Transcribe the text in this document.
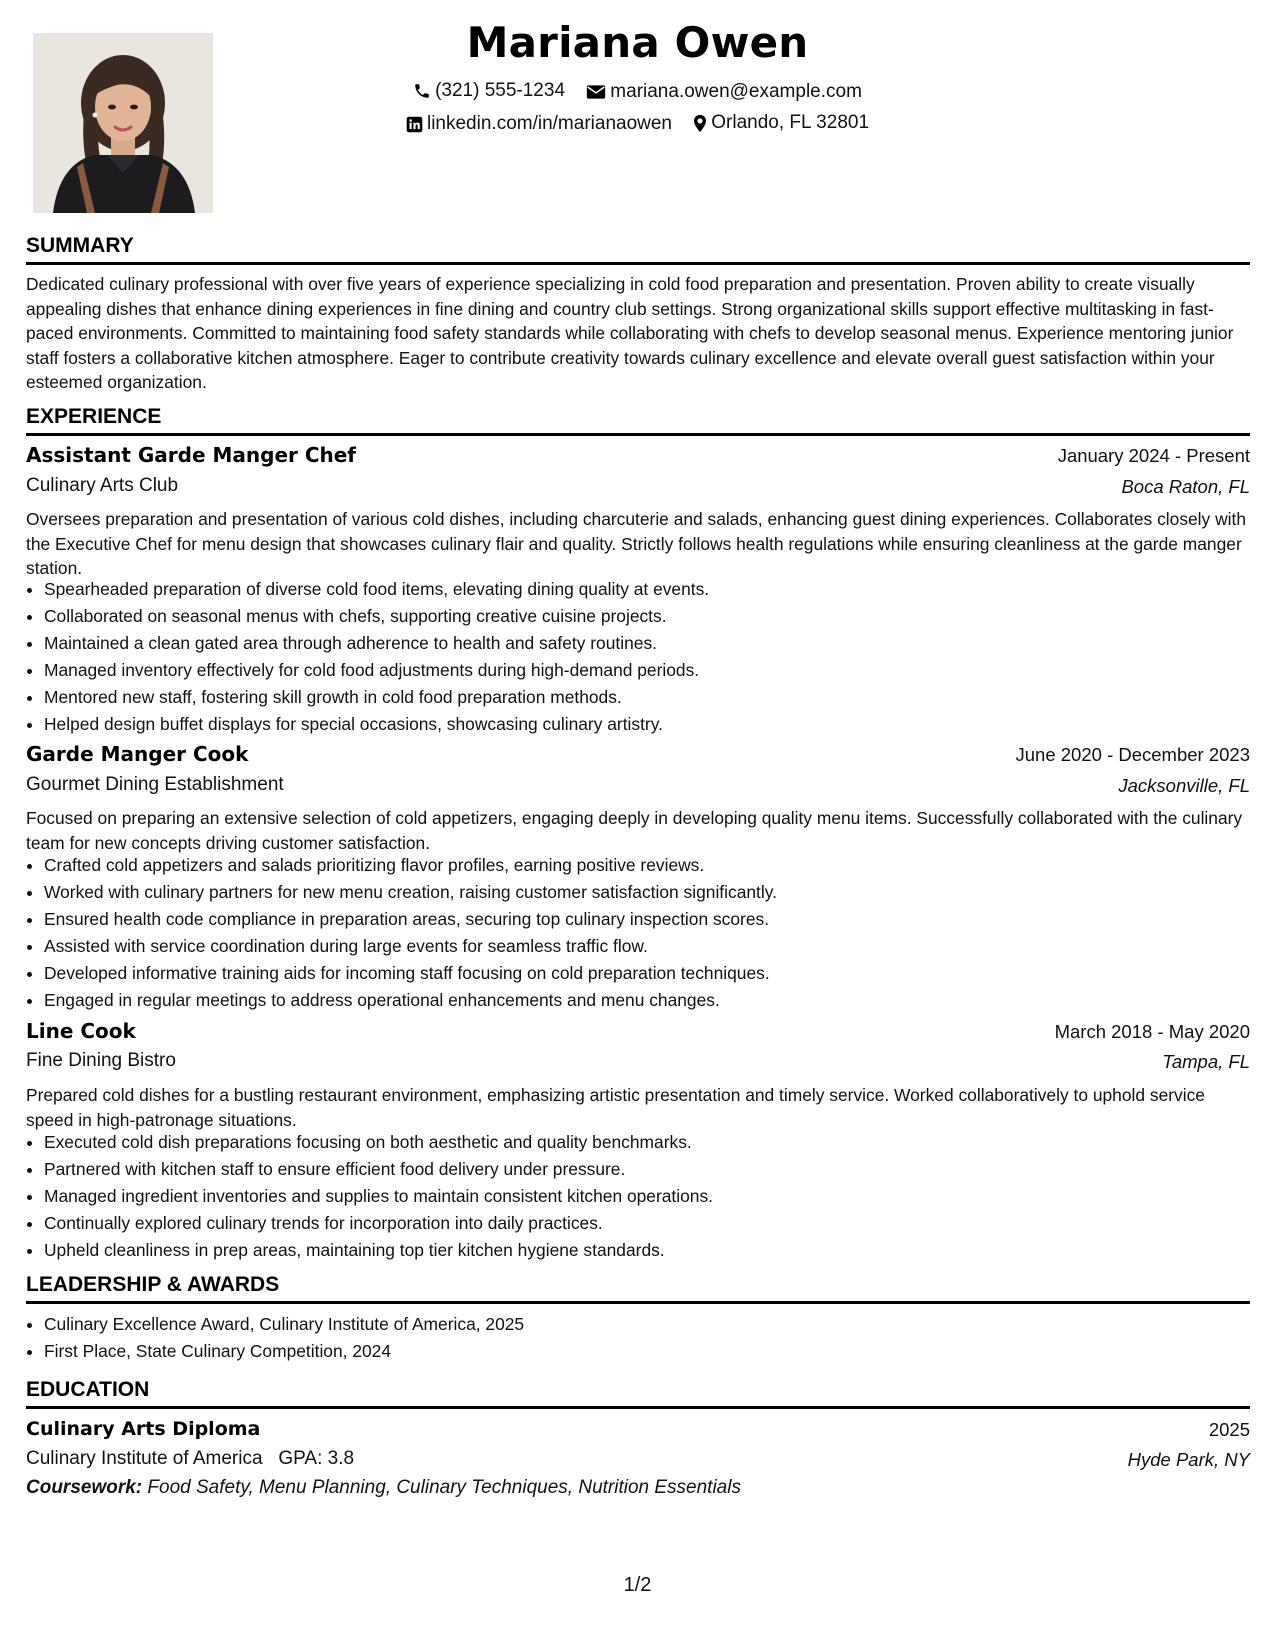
Mariana Owen
(321) 555-1234
mariana.owen@example.com
linkedin.com/in/marianaowen
Orlando, FL 32801
SUMMARY
Dedicated culinary professional with over five years of experience specializing in cold food preparation and presentation. Proven ability to create visually appealing dishes that enhance dining experiences in fine dining and country club settings. Strong organizational skills support effective multitasking in fast-paced environments. Committed to maintaining food safety standards while collaborating with chefs to develop seasonal menus. Experience mentoring junior staff fosters a collaborative kitchen atmosphere. Eager to contribute creativity towards culinary excellence and elevate overall guest satisfaction within your esteemed organization.
EXPERIENCE
Assistant Garde Manger Chef	January 2024 - Present
Culinary Arts Club	Boca Raton, FL
Oversees preparation and presentation of various cold dishes, including charcuterie and salads, enhancing guest dining experiences. Collaborates closely with the Executive Chef for menu design that showcases culinary flair and quality. Strictly follows health regulations while ensuring cleanliness at the garde manger station.
• Spearheaded preparation of diverse cold food items, elevating dining quality at events.
• Collaborated on seasonal menus with chefs, supporting creative cuisine projects.
• Maintained a clean gated area through adherence to health and safety routines.
• Managed inventory effectively for cold food adjustments during high-demand periods.
• Mentored new staff, fostering skill growth in cold food preparation methods.
• Helped design buffet displays for special occasions, showcasing culinary artistry.
Garde Manger Cook	June 2020 - December 2023
Gourmet Dining Establishment	Jacksonville, FL
Focused on preparing an extensive selection of cold appetizers, engaging deeply in developing quality menu items. Successfully collaborated with the culinary team for new concepts driving customer satisfaction.
• Crafted cold appetizers and salads prioritizing flavor profiles, earning positive reviews.
• Worked with culinary partners for new menu creation, raising customer satisfaction significantly.
• Ensured health code compliance in preparation areas, securing top culinary inspection scores.
• Assisted with service coordination during large events for seamless traffic flow.
• Developed informative training aids for incoming staff focusing on cold preparation techniques.
• Engaged in regular meetings to address operational enhancements and menu changes.
Line Cook	March 2018 - May 2020
Fine Dining Bistro	Tampa, FL
Prepared cold dishes for a bustling restaurant environment, emphasizing artistic presentation and timely service. Worked collaboratively to uphold service speed in high-patronage situations.
• Executed cold dish preparations focusing on both aesthetic and quality benchmarks.
• Partnered with kitchen staff to ensure efficient food delivery under pressure.
• Managed ingredient inventories and supplies to maintain consistent kitchen operations.
• Continually explored culinary trends for incorporation into daily practices.
• Upheld cleanliness in prep areas, maintaining top tier kitchen hygiene standards.
LEADERSHIP & AWARDS
• Culinary Excellence Award, Culinary Institute of America, 2025
• First Place, State Culinary Competition, 2024
EDUCATION
Culinary Arts Diploma	2025
Culinary Institute of America GPA: 3.8	Hyde Park, NY
Coursework: Food Safety, Menu Planning, Culinary Techniques, Nutrition Essentials
1/2
